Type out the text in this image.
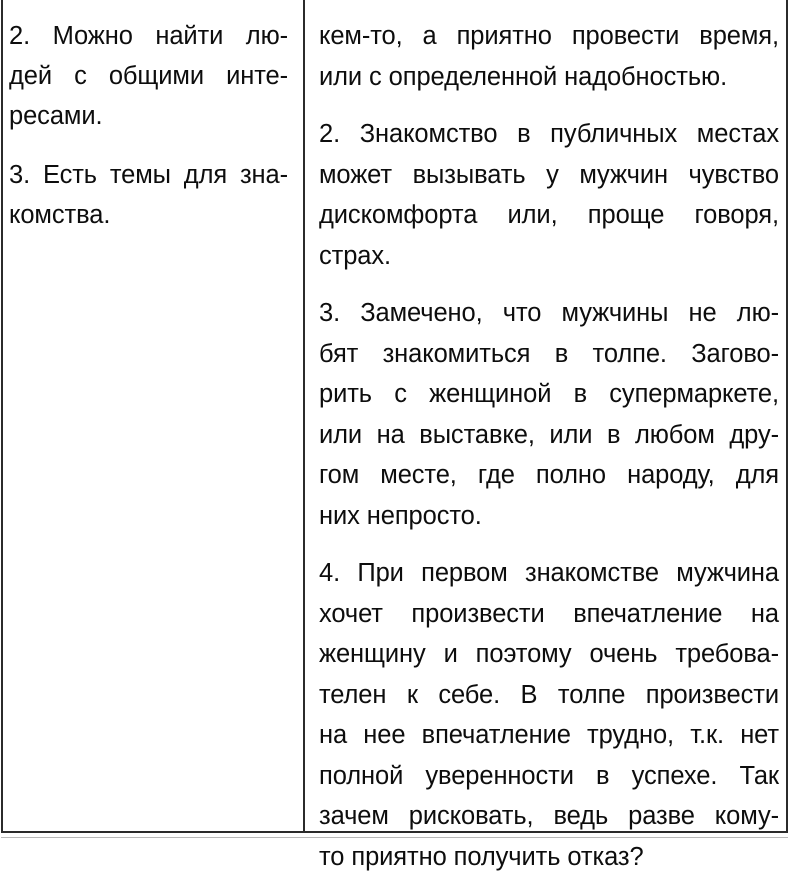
2. Можно найти лю-
дей с общими инте-
ресами.

3. Есть темы для зна-
комства.

кем-то, а приятно провести время,
или с определенной надобностью.

2. Знакомство в публичных местах
может вызывать у мужчин чувство
дискомфорта или, проще говоря,
страх.

3. Замечено, что мужчины не лю-
бят знакомиться в толпе. Загово-
рить с женщиной в супермаркете,
или на выставке, или в любом дру-
гом месте, где полно народу, для
них непросто.

4. При первом знакомстве мужчина
хочет произвести впечатление на
женщину и поэтому очень требова-
телен к себе. В толпе произвести
на нее впечатление трудно, т.к. нет
полной уверенности в успехе. Так
зачем рисковать, ведь разве кому-
то приятно получить отказ?
